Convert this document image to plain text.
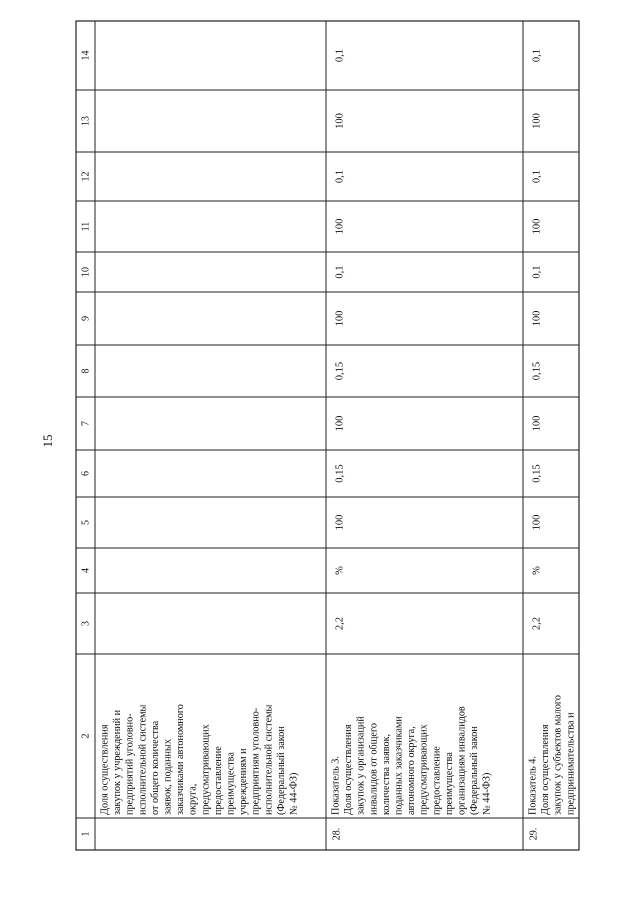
15
1
2
3
4
5
6
7
8
9
10
11
12
13
14
Доля осуществления закупок у учреждений и предприятий уголовно- исполнительной системы от общего количества заявок, поданных заказчиками автономного округа, предусматривающих предоставление преимущества учреждениям и предприятиям уголовно- исполнительной системы (Федеральный закон № 44-ФЗ)
28.
Показатель 3. Доля осуществления закупок у организаций инвалидов от общего количества заявок, поданных заказчиками автономного округа, предусматривающих предоставление преимущества организациям инвалидов (Федеральный закон № 44-ФЗ)
2,2
%
100
0,15
100
0,15
100
0,1
100
0,1
100
0,1
29.
Показатель 4. Доля осуществления закупок у субъектов малого предпринимательства и
2,2
%
100
0,15
100
0,15
100
0,1
100
0,1
100
0,1
